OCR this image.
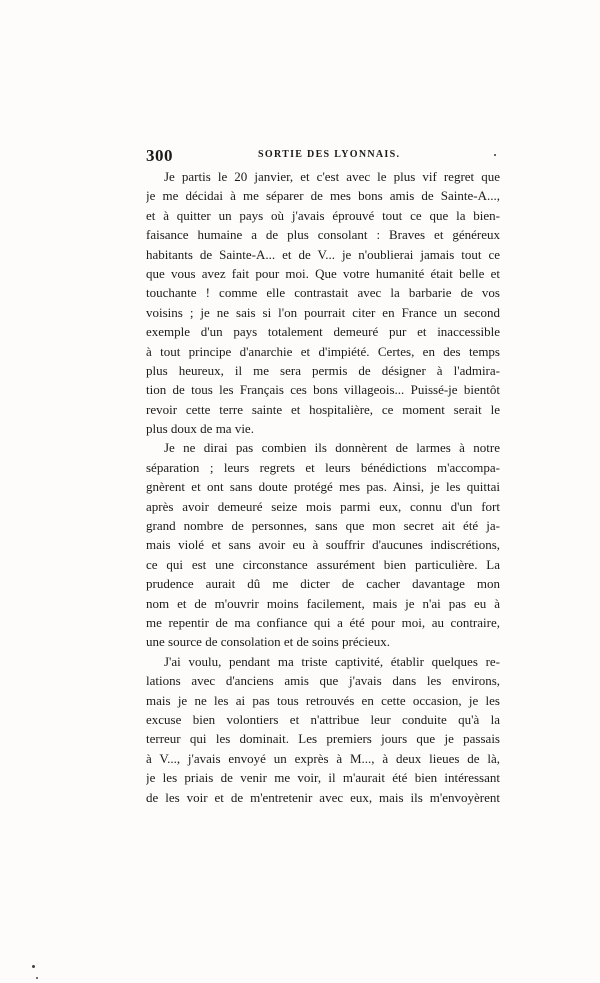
300	SORTIE DES LYONNAIS.
Je partis le 20 janvier, et c'est avec le plus vif regret que
je me décidai à me séparer de mes bons amis de Sainte-A...,
et à quitter un pays où j'avais éprouvé tout ce que la bien-
faisance humaine a de plus consolant : Braves et généreux
habitants de Sainte-A... et de V... je n'oublierai jamais tout ce
que vous avez fait pour moi. Que votre humanité était belle et
touchante ! comme elle contrastait avec la barbarie de vos
voisins ; je ne sais si l'on pourrait citer en France un second
exemple d'un pays totalement demeuré pur et inaccessible
à tout principe d'anarchie et d'impiété. Certes, en des temps
plus heureux, il me sera permis de désigner à l'admira-
tion de tous les Français ces bons villageois... Puissé-je bientôt
revoir cette terre sainte et hospitalière, ce moment serait le
plus doux de ma vie.
Je ne dirai pas combien ils donnèrent de larmes à notre
séparation ; leurs regrets et leurs bénédictions m'accompa-
gnèrent et ont sans doute protégé mes pas. Ainsi, je les quittai
après avoir demeuré seize mois parmi eux, connu d'un fort
grand nombre de personnes, sans que mon secret ait été ja-
mais violé et sans avoir eu à souffrir d'aucunes indiscrétions,
ce qui est une circonstance assurément bien particulière. La
prudence aurait dû me dicter de cacher davantage mon
nom et de m'ouvrir moins facilement, mais je n'ai pas eu à
me repentir de ma confiance qui a été pour moi, au contraire,
une source de consolation et de soins précieux.
J'ai voulu, pendant ma triste captivité, établir quelques re-
lations avec d'anciens amis que j'avais dans les environs,
mais je ne les ai pas tous retrouvés en cette occasion, je les
excuse bien volontiers et n'attribue leur conduite qu'à la
terreur qui les dominait. Les premiers jours que je passais
à V..., j'avais envoyé un exprès à M..., à deux lieues de là,
je les priais de venir me voir, il m'aurait été bien intéressant
de les voir et de m'entretenir avec eux, mais ils m'envoyèrent
